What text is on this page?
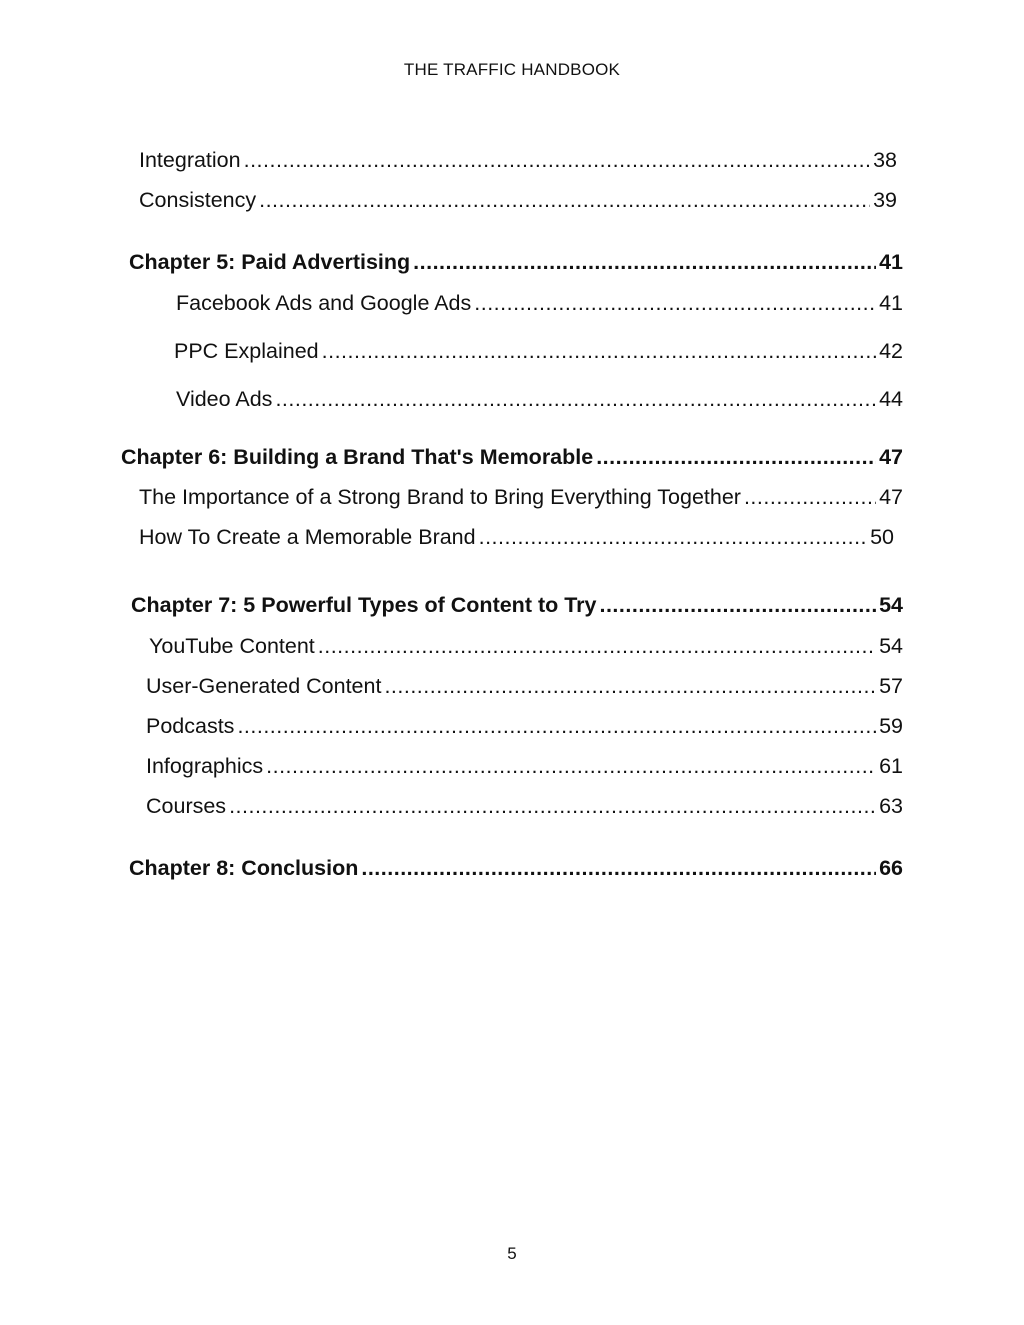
THE TRAFFIC HANDBOOK
Integration .....	38
Consistency .....	39
Chapter 5: Paid Advertising .....	41
Facebook Ads and Google Ads .....	41
PPC Explained .....	42
Video Ads .....	44
Chapter 6: Building a Brand That's Memorable .....	47
The Importance of a Strong Brand to Bring Everything Together .....	47
How To Create a Memorable Brand .....	50
Chapter 7: 5 Powerful Types of Content to Try .....	54
YouTube Content .....	54
User-Generated Content .....	57
Podcasts .....	59
Infographics .....	61
Courses .....	63
Chapter 8: Conclusion .....	66
5
